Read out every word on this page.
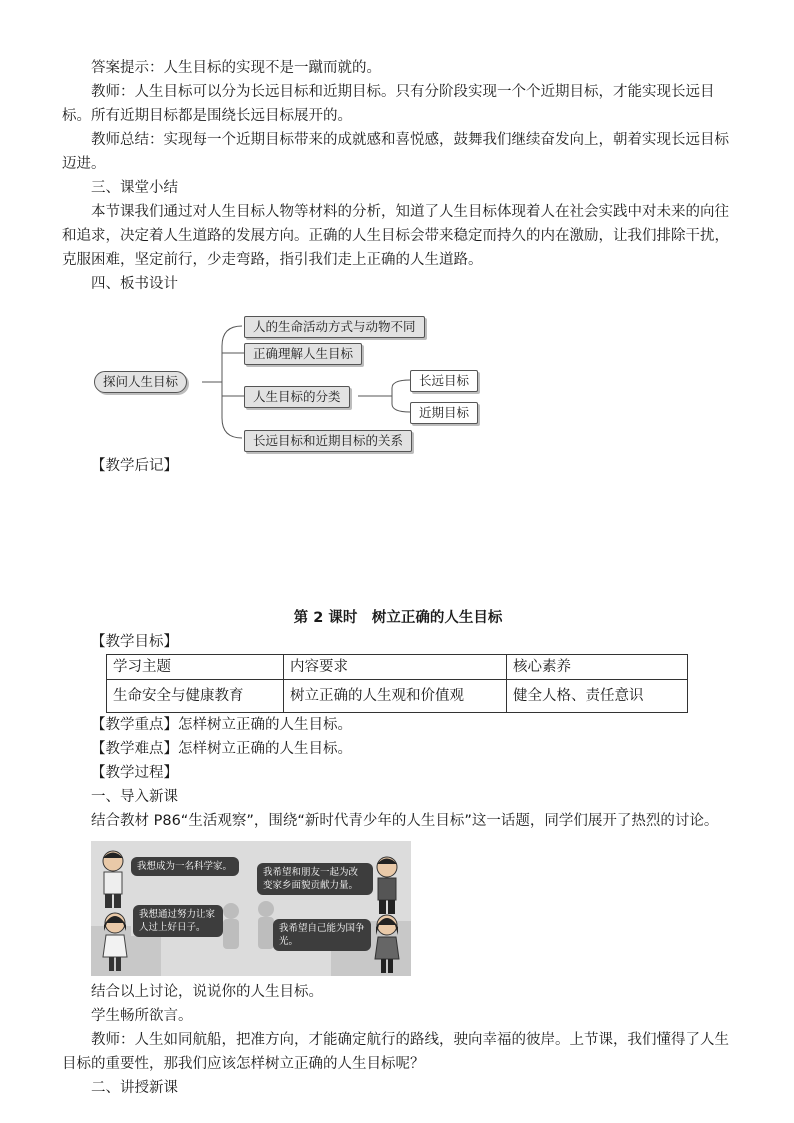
答案提示：人生目标的实现不是一蹴而就的。

教师：人生目标可以分为长远目标和近期目标。只有分阶段实现一个个近期目标，才能实现长远目标。所有近期目标都是围绕长远目标展开的。

教师总结：实现每一个近期目标带来的成就感和喜悦感，鼓舞我们继续奋发向上，朝着实现长远目标迈进。

三、课堂小结

本节课我们通过对人生目标人物等材料的分析，知道了人生目标体现着人在社会实践中对未来的向往和追求，决定着人生道路的发展方向。正确的人生目标会带来稳定而持久的内在激励，让我们排除干扰，克服困难，坚定前行，少走弯路，指引我们走上正确的人生道路。

四、板书设计

探问人生目标
人的生命活动方式与动物不同
正确理解人生目标
人生目标的分类
长远目标和近期目标的关系
长远目标
近期目标

【教学后记】

第 2 课时　树立正确的人生目标

【教学目标】

学习主题	内容要求	核心素养
生命安全与健康教育	树立正确的人生观和价值观	健全人格、责任意识

【教学重点】怎样树立正确的人生目标。

【教学难点】怎样树立正确的人生目标。

【教学过程】

一、导入新课

结合教材 P86“生活观察”，围绕“新时代青少年的人生目标”这一话题，同学们展开了热烈的讨论。

我想成为一名科学家。
我希望和朋友一起为改变家乡面貌贡献力量。
我想通过努力让家人过上好日子。	我希望自己能为国争光。

结合以上讨论，说说你的人生目标。

学生畅所欲言。

教师：人生如同航船，把准方向，才能确定航行的路线，驶向幸福的彼岸。上节课，我们懂得了人生目标的重要性，那我们应该怎样树立正确的人生目标呢？

二、讲授新课
